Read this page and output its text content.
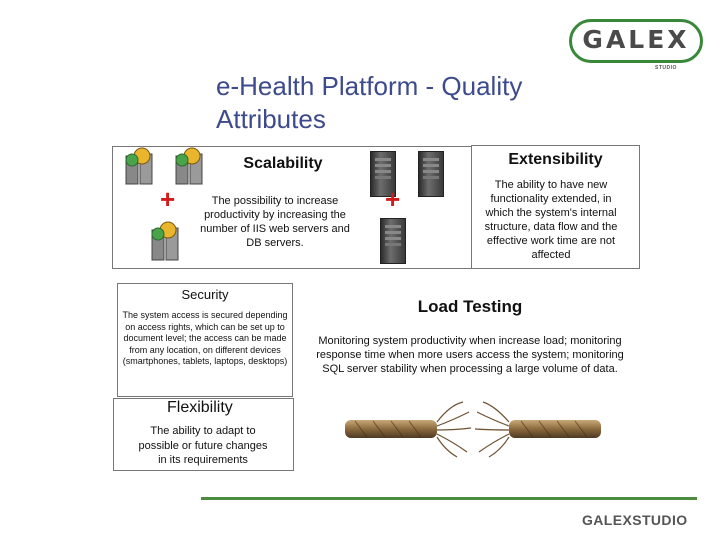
GALEX
STUDIO
e-Health Platform - Quality Attributes
+
Scalability
The possibility to increase productivity by increasing the number of IIS web servers and DB servers.
+
Extensibility
The ability to have new functionality extended, in which the system's internal structure, data flow and the effective work time are not affected
Security
The system access is secured depending on access rights, which can be set up to document level; the access can be made from any location, on different devices (smartphones, tablets, laptops, desktops)
Flexibility
The ability to adapt to possible or future changes in its requirements
Load Testing
Monitoring system productivity when increase load; monitoring response time when more users access the system; monitoring SQL server stability when processing a large volume of data.
GALEXSTUDIO
